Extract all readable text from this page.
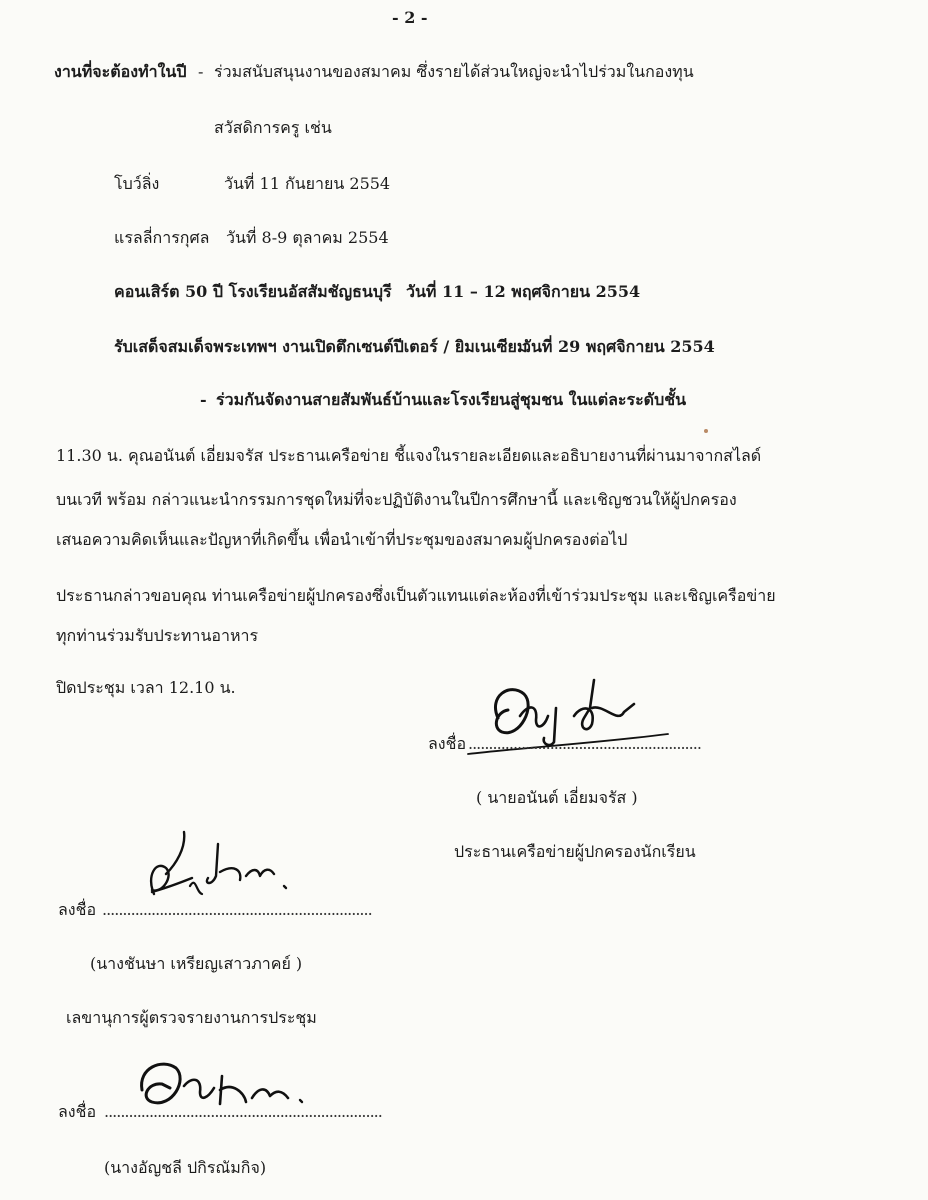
- 2 -
งานที่จะต้องทำในปี - ร่วมสนับสนุนงานของสมาคม ซึ่งรายได้ส่วนใหญ่จะนำไปร่วมในกองทุน
สวัสดิการครู เช่น
โบว์ลิ่ง	วันที่ 11 กันยายน 2554
แรลลี่การกุศล วันที่ 8-9 ตุลาคม 2554
คอนเสิร์ต 50 ปี โรงเรียนอัสสัมชัญธนบุรี วันที่ 11 – 12 พฤศจิกายน 2554
รับเสด็จสมเด็จพระเทพฯ งานเปิดตึกเซนต์ปีเตอร์ / ยิมเนเซียม
วันที่ 29 พฤศจิกายน 2554
- ร่วมกันจัดงานสายสัมพันธ์บ้านและโรงเรียนสู่ชุมชน ในแต่ละระดับชั้น
11.30 น. คุณอนันต์ เอี่ยมจรัส ประธานเครือข่าย ชี้แจงในรายละเอียดและอธิบายงานที่ผ่านมาจากสไลด์
บนเวที พร้อม กล่าวแนะนำกรรมการชุดใหม่ที่จะปฏิบัติงานในปีการศึกษานี้ และเชิญชวนให้ผู้ปกครอง
เสนอความคิดเห็นและปัญหาที่เกิดขึ้น เพื่อนำเข้าที่ประชุมของสมาคมผู้ปกครองต่อไป
ประธานกล่าวขอบคุณ ท่านเครือข่ายผู้ปกครองซึ่งเป็นตัวแทนแต่ละห้องที่เข้าร่วมประชุม และเชิญเครือข่าย
ทุกท่านร่วมรับประทานอาหาร
ปิดประชุม เวลา 12.10 น.
ลงชื่อ .........................................................
( นายอนันต์ เอี่ยมจรัส )
ประธานเครือข่ายผู้ปกครองนักเรียน
ลงชื่อ ..................................................................
(นางชันษา เหรียญเสาวภาคย์ )
เลขานุการผู้ตรวจรายงานการประชุม
ลงชื่อ ....................................................................
(นางอัญชลี ปกิรณัมกิจ)
